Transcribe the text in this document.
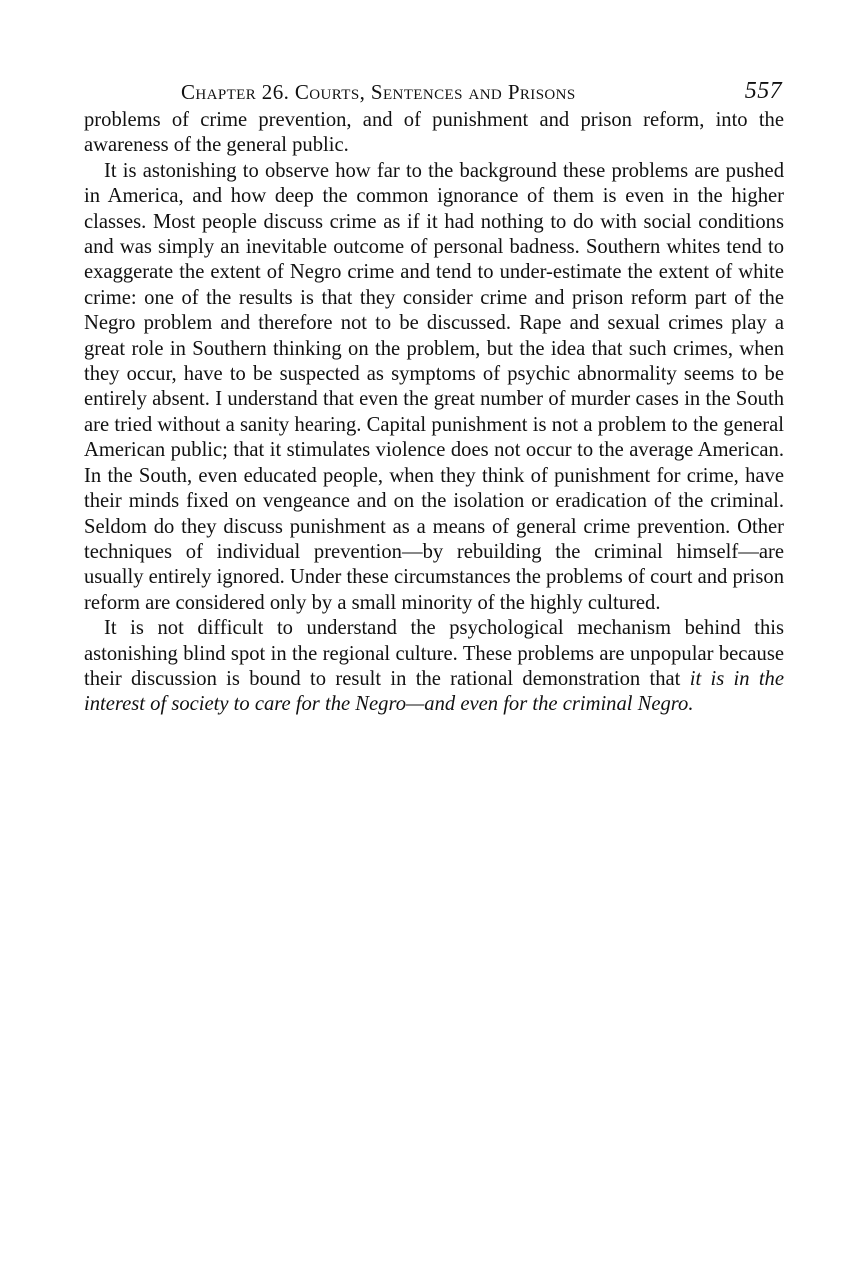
Chapter 26. Courts, Sentences and Prisons	557

problems of crime prevention, and of punishment and prison reform, into the awareness of the general public.

It is astonishing to observe how far to the background these problems are pushed in America, and how deep the common ignorance of them is even in the higher classes. Most people discuss crime as if it had nothing to do with social conditions and was simply an inevitable outcome of personal badness. Southern whites tend to exaggerate the extent of Negro crime and tend to under-estimate the extent of white crime: one of the results is that they consider crime and prison reform part of the Negro problem and therefore not to be discussed. Rape and sexual crimes play a great role in Southern thinking on the problem, but the idea that such crimes, when they occur, have to be suspected as symptoms of psychic abnormality seems to be entirely absent. I understand that even the great number of murder cases in the South are tried without a sanity hearing. Capital punishment is not a problem to the general American public; that it stimulates violence does not occur to the average American. In the South, even educated people, when they think of punishment for crime, have their minds fixed on vengeance and on the isolation or eradication of the criminal. Seldom do they discuss punishment as a means of general crime prevention. Other techniques of individual prevention—by rebuilding the criminal himself—are usually entirely ignored. Under these circumstances the problems of court and prison reform are considered only by a small minority of the highly cultured.

It is not difficult to understand the psychological mechanism behind this astonishing blind spot in the regional culture. These problems are unpopular because their discussion is bound to result in the rational demonstration that it is in the interest of society to care for the Negro—and even for the criminal Negro.
